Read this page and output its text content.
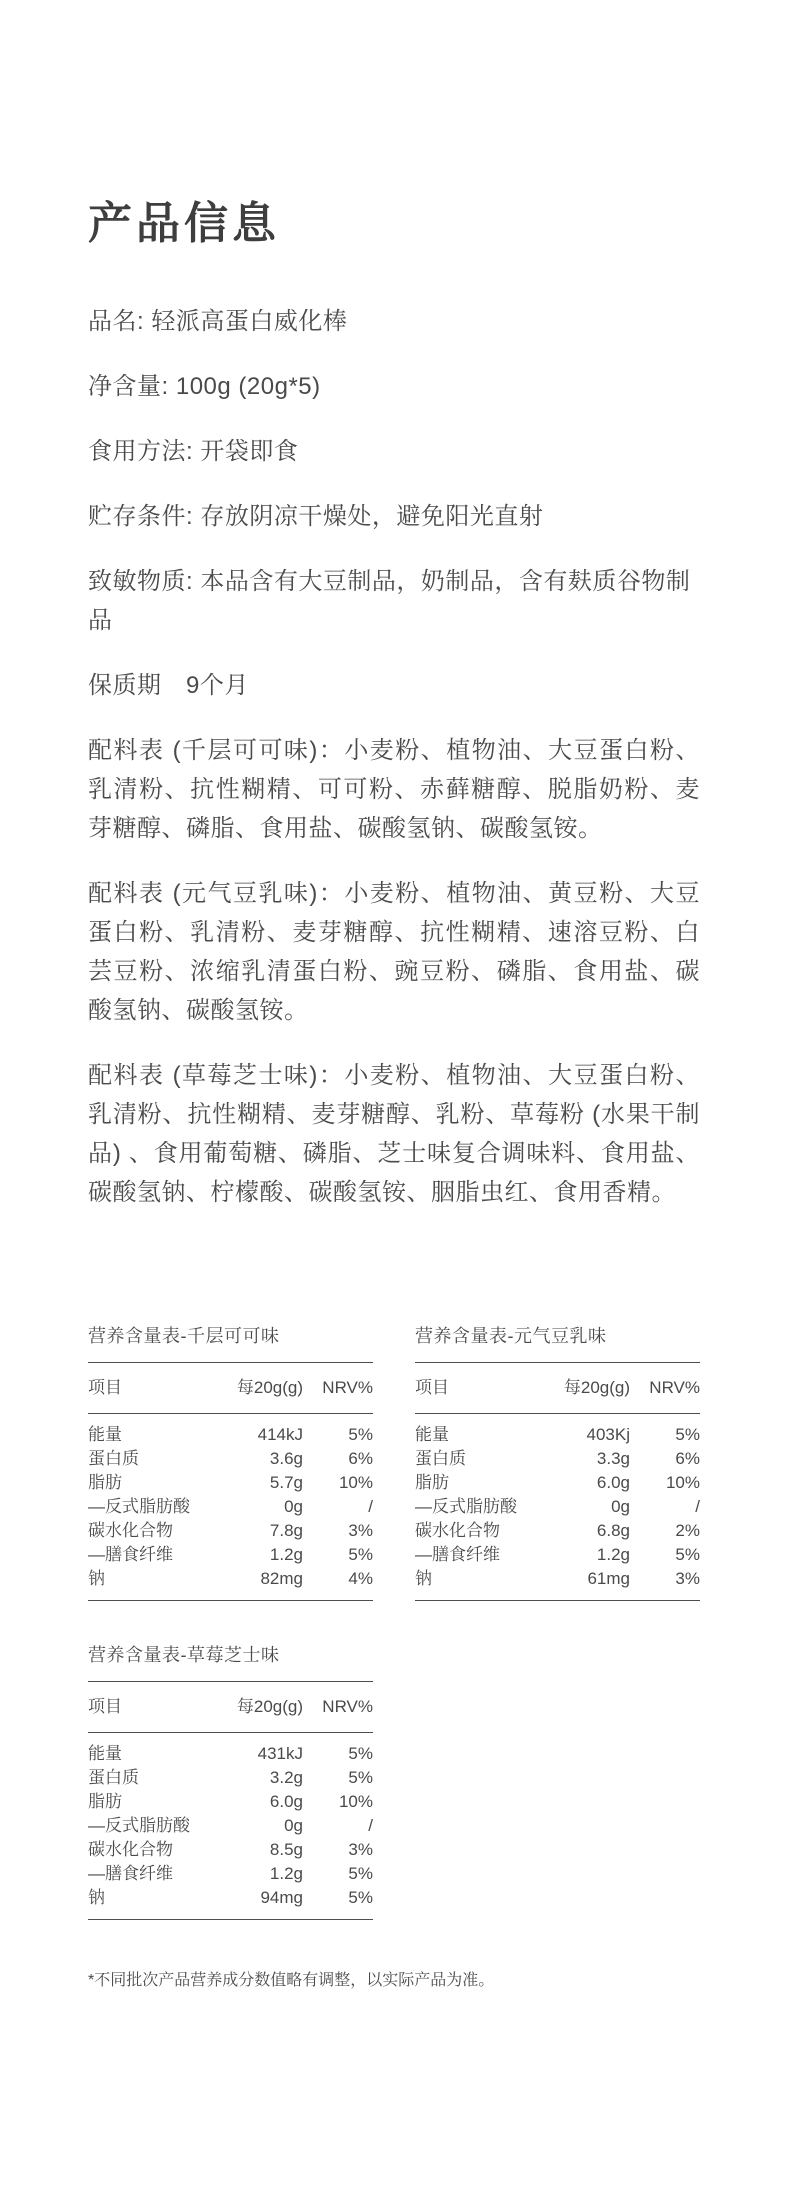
产品信息
品名: 轻派高蛋白威化棒
净含量: 100g (20g*5)
食用方法: 开袋即食
贮存条件: 存放阴凉干燥处，避免阳光直射
致敏物质: 本品含有大豆制品，奶制品，含有麸质谷物制品
保质期　 9个月

配料表 (千层可可味)：小麦粉、植物油、大豆蛋白粉、乳清粉、抗性糊精、可可粉、赤藓糖醇、脱脂奶粉、麦芽糖醇、磷脂、食用盐、碳酸氢钠、碳酸氢铵。

配料表 (元气豆乳味)：小麦粉、植物油、黄豆粉、大豆蛋白粉、乳清粉、麦芽糖醇、抗性糊精、速溶豆粉、白芸豆粉、浓缩乳清蛋白粉、豌豆粉、磷脂、食用盐、碳酸氢钠、碳酸氢铵。

配料表 (草莓芝士味)：小麦粉、植物油、大豆蛋白粉、乳清粉、抗性糊精、麦芽糖醇、乳粉、草莓粉 (水果干制品) 、食用葡萄糖、磷脂、芝士味复合调味料、食用盐、碳酸氢钠、柠檬酸、碳酸氢铵、胭脂虫红、食用香精。

营养含量表-千层可可味
项目	每20g(g)	NRV%
能量	414kJ	5%
蛋白质	3.6g	6%
脂肪	5.7g	10%
—反式脂肪酸	0g	/
碳水化合物	7.8g	3%
—膳食纤维	1.2g	5%
钠	82mg	4%
营养含量表-元气豆乳味
项目	每20g(g)	NRV%
能量	403Kj	5%
蛋白质	3.3g	6%
脂肪	6.0g	10%
—反式脂肪酸	0g	/
碳水化合物	6.8g	2%
—膳食纤维	1.2g	5%
钠	61mg	3%
营养含量表-草莓芝士味
项目	每20g(g)	NRV%
能量	431kJ	5%
蛋白质	3.2g	5%
脂肪	6.0g	10%
—反式脂肪酸	0g	/
碳水化合物	8.5g	3%
—膳食纤维	1.2g	5%
钠	94mg	5%
*不同批次产品营养成分数值略有调整，以实际产品为准。
